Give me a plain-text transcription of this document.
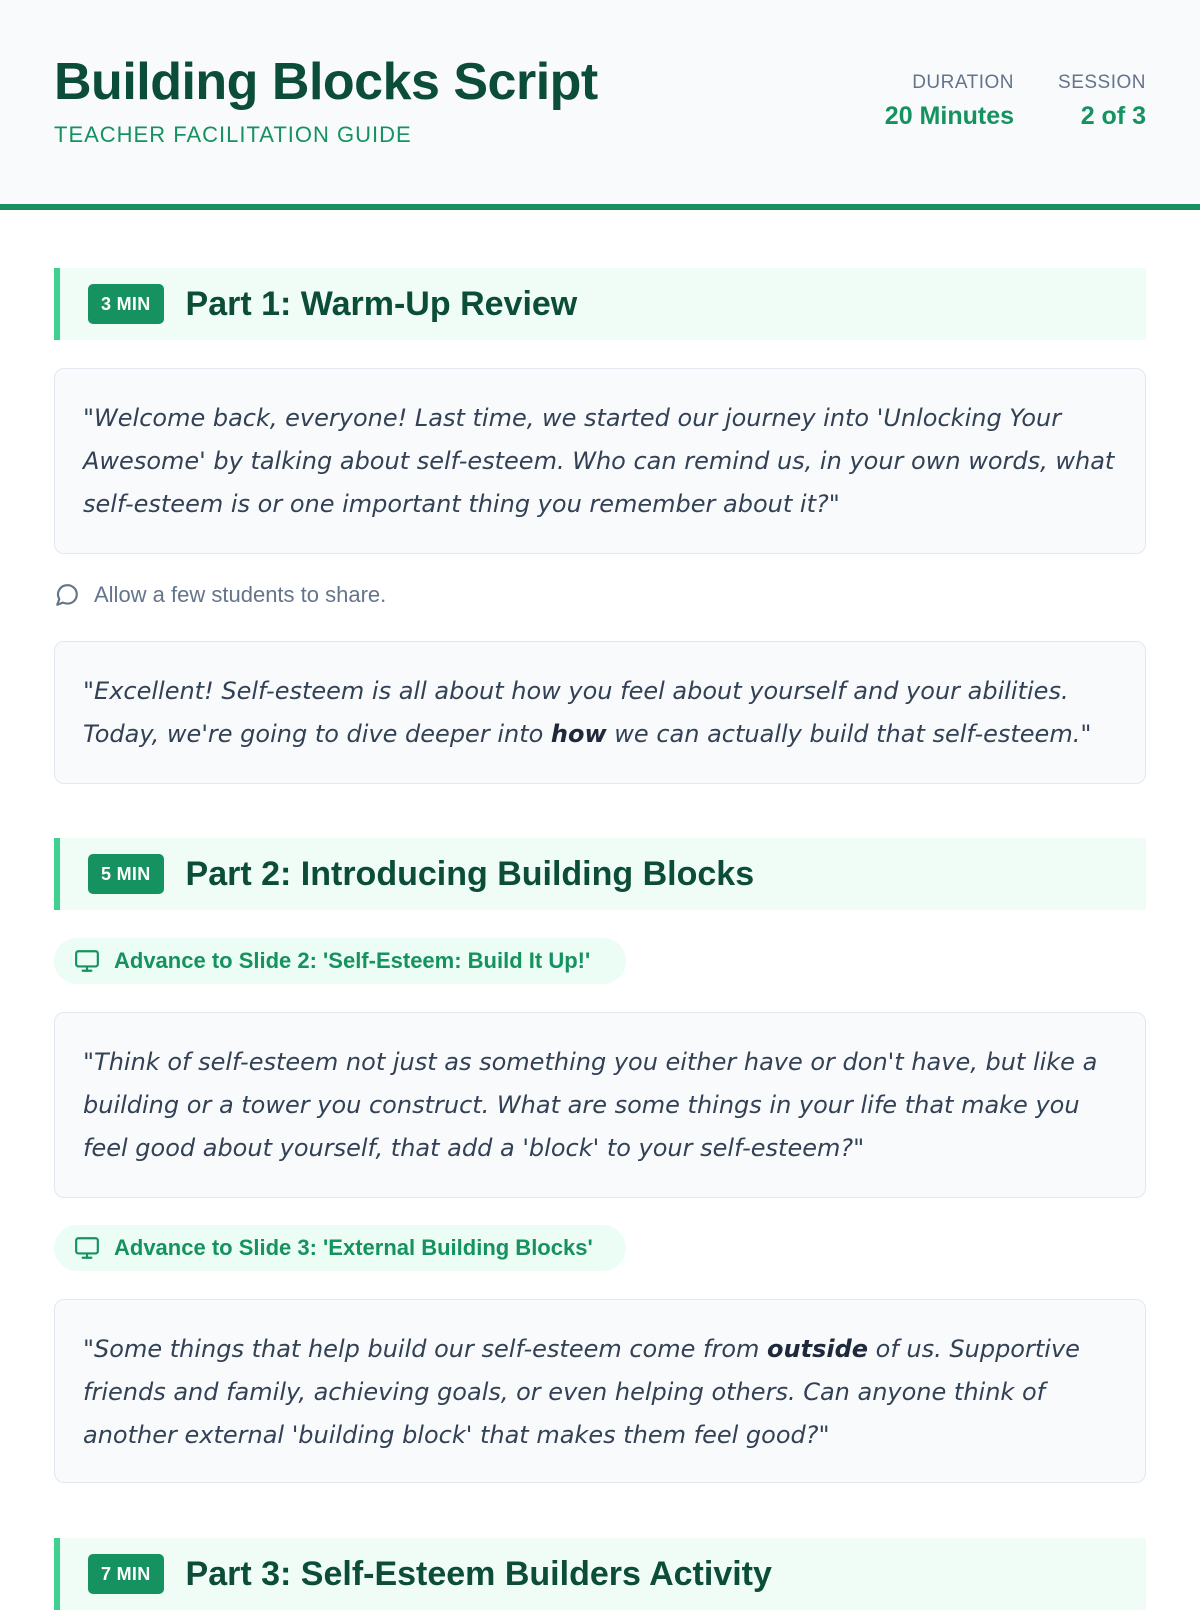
Building Blocks Script
TEACHER FACILITATION GUIDE
DURATION
20 Minutes
SESSION
2 of 3
3 MIN	Part 1: Warm-Up Review
"Welcome back, everyone! Last time, we started our journey into 'Unlocking Your Awesome' by talking about self-esteem. Who can remind us, in your own words, what self-esteem is or one important thing you remember about it?"
Allow a few students to share.
"Excellent! Self-esteem is all about how you feel about yourself and your abilities. Today, we're going to dive deeper into how we can actually build that self-esteem."
5 MIN	Part 2: Introducing Building Blocks
Advance to Slide 2: 'Self-Esteem: Build It Up!'
"Think of self-esteem not just as something you either have or don't have, but like a building or a tower you construct. What are some things in your life that make you feel good about yourself, that add a 'block' to your self-esteem?"
Advance to Slide 3: 'External Building Blocks'
"Some things that help build our self-esteem come from outside of us. Supportive friends and family, achieving goals, or even helping others. Can anyone think of another external 'building block' that makes them feel good?"
7 MIN	Part 3: Self-Esteem Builders Activity
